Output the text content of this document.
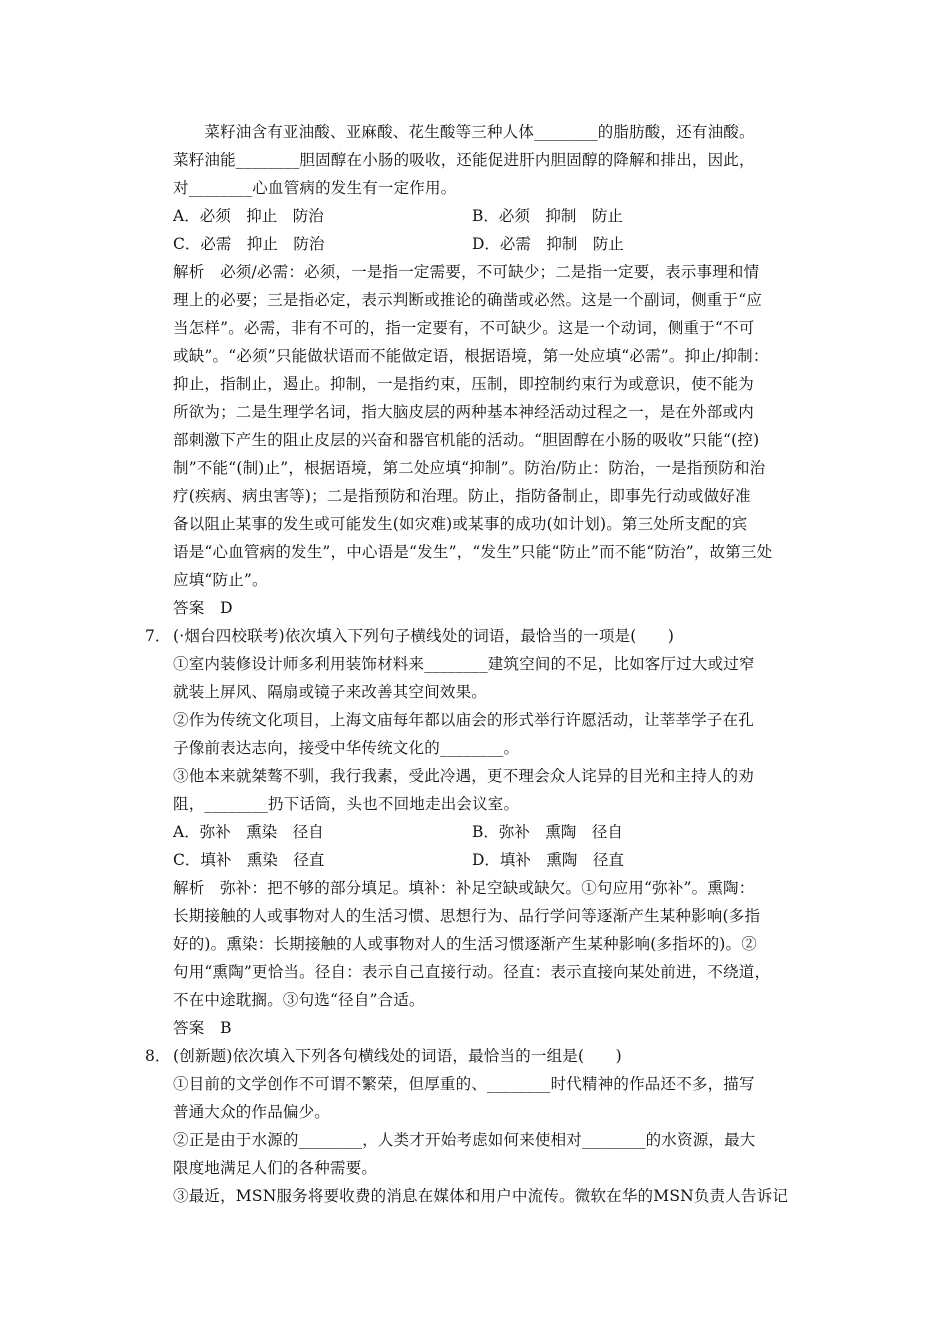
　　菜籽油含有亚油酸、亚麻酸、花生酸等三种人体________的脂肪酸，还有油酸。
菜籽油能________胆固醇在小肠的吸收，还能促进肝内胆固醇的降解和排出，因此，
对________心血管病的发生有一定作用。
A．必须　抑止　防治	B．必须　抑制　防止
C．必需　抑止　防治	D．必需　抑制　防止
解析　必须/必需：必须，一是指一定需要，不可缺少；二是指一定要，表示事理和情
理上的必要；三是指必定，表示判断或推论的确凿或必然。这是一个副词，侧重于“应
当怎样”。必需，非有不可的，指一定要有，不可缺少。这是一个动词，侧重于“不可
或缺”。“必须”只能做状语而不能做定语，根据语境，第一处应填“必需”。抑止/抑制：
抑止，指制止，遏止。抑制，一是指约束，压制，即控制约束行为或意识，使不能为
所欲为；二是生理学名词，指大脑皮层的两种基本神经活动过程之一，是在外部或内
部刺激下产生的阻止皮层的兴奋和器官机能的活动。“胆固醇在小肠的吸收”只能“(控)
制”不能“(制)止”，根据语境，第二处应填“抑制”。防治/防止：防治，一是指预防和治
疗(疾病、病虫害等)；二是指预防和治理。防止，指防备制止，即事先行动或做好准
备以阻止某事的发生或可能发生(如灾难)或某事的成功(如计划)。第三处所支配的宾
语是“心血管病的发生”，中心语是“发生”，“发生”只能“防止”而不能“防治”，故第三处
应填“防止”。
答案　D
7． (·烟台四校联考)依次填入下列句子横线处的词语，最恰当的一项是(　　)
①室内装修设计师多利用装饰材料来________建筑空间的不足，比如客厅过大或过窄
就装上屏风、隔扇或镜子来改善其空间效果。
②作为传统文化项目，上海文庙每年都以庙会的形式举行许愿活动，让莘莘学子在孔
子像前表达志向，接受中华传统文化的________。
③他本来就桀骜不驯，我行我素，受此冷遇，更不理会众人诧异的目光和主持人的劝
阻，________扔下话筒，头也不回地走出会议室。
A．弥补　熏染　径自	B．弥补　熏陶　径自
C．填补　熏染　径直	D．填补　熏陶　径直
解析　弥补：把不够的部分填足。填补：补足空缺或缺欠。①句应用“弥补”。熏陶：
长期接触的人或事物对人的生活习惯、思想行为、品行学问等逐渐产生某种影响(多指
好的)。熏染：长期接触的人或事物对人的生活习惯逐渐产生某种影响(多指坏的)。②
句用“熏陶”更恰当。径自：表示自己直接行动。径直：表示直接向某处前进，不绕道，
不在中途耽搁。③句选“径自”合适。
答案　B
8． (创新题)依次填入下列各句横线处的词语，最恰当的一组是(　　)
①目前的文学创作不可谓不繁荣，但厚重的、________时代精神的作品还不多，描写
普通大众的作品偏少。
②正是由于水源的________，人类才开始考虑如何来使相对________的水资源，最大
限度地满足人们的各种需要。
③最近，MSN服务将要收费的消息在媒体和用户中流传。微软在华的MSN负责人告诉记
